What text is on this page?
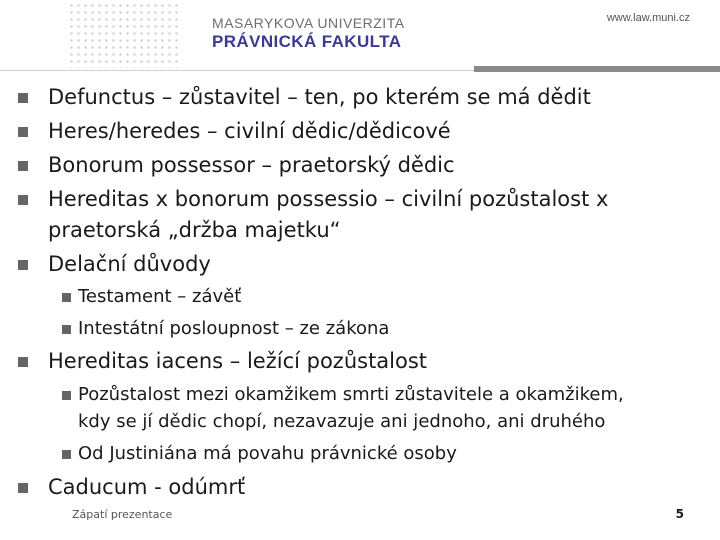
MASARYKOVA UNIVERZITA
PRÁVNICKÁ FAKULTA
www.law.muni.cz
Defunctus – zůstavitel – ten, po kterém se má dědit
Heres/heredes – civilní dědic/dědicové
Bonorum possessor – praetorský dědic
Hereditas x bonorum possessio – civilní pozůstalost x
praetorská „držba majetku“
Delační důvody
Testament – závěť
Intestátní posloupnost – ze zákona
Hereditas iacens – ležící pozůstalost
Pozůstalost mezi okamžikem smrti zůstavitele a okamžikem,
kdy se jí dědic chopí, nezavazuje ani jednoho, ani druhého
Od Justiniána má povahu právnické osoby
Caducum - odúmrť
Zápatí prezentace	5
